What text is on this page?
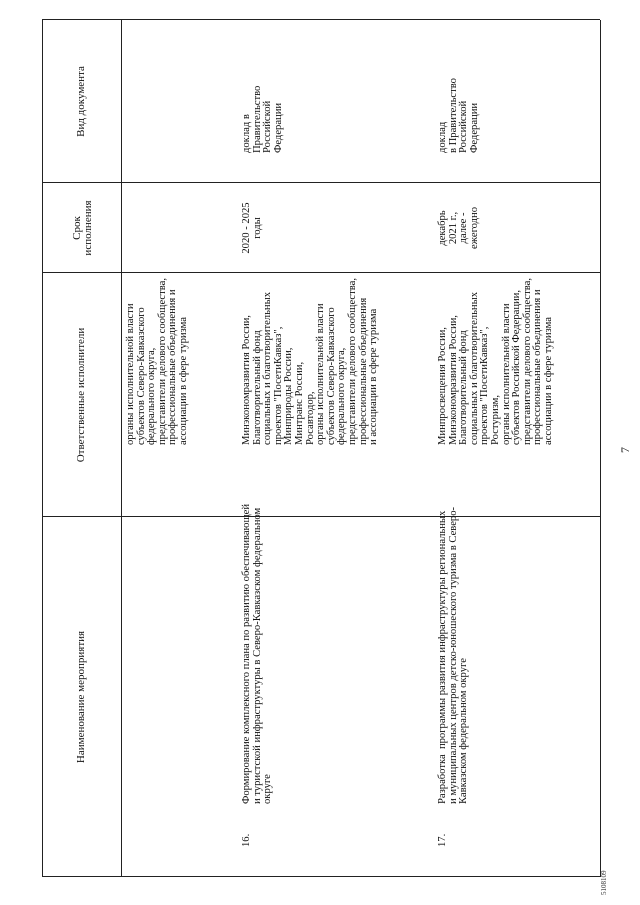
7
Наименование мероприятия
Ответственные исполнители
Срок
исполнения
Вид документа
органы исполнительной власти
субъектов Северо-Кавказского
федерального округа,
представители делового сообщества,
профессиональные объединения и
ассоциации в сфере туризма
16.
Формирование комплексного плана по развитию обеспечивающей
и туристской инфраструктуры в Северо-Кавказском федеральном
округе
Минэкономразвития России,
Благотворительный фонд
социальных и благотворительных
проектов "ПосетиКавказ",
Минприроды России,
Минтранс России,
Росавтодор,
органы исполнительной власти
субъектов Северо-Кавказского
федерального округа,
представители делового сообщества,
профессиональные объединения
и ассоциации в сфере туризма
2020 - 2025
годы
доклад в
Правительство
Российской
Федерации
17.
Разработка  программы развития инфраструктуры региональных
и муниципальных центров детско-юношеского туризма в Северо-
Кавказском федеральном округе
Минпросвещения России,
Минэкономразвития России,
Благотворительный фонд
социальных и благотворительных
проектов "ПосетиКавказ",
Ростуризм,
органы исполнительной власти
субъектов Российской Федерации,
представители делового сообщества,
профессиональные объединения и
ассоциации в сфере туризма
декабрь
2021 г.,
далее -
ежегодно
доклад
в Правительство
Российской
Федерации
5108109
